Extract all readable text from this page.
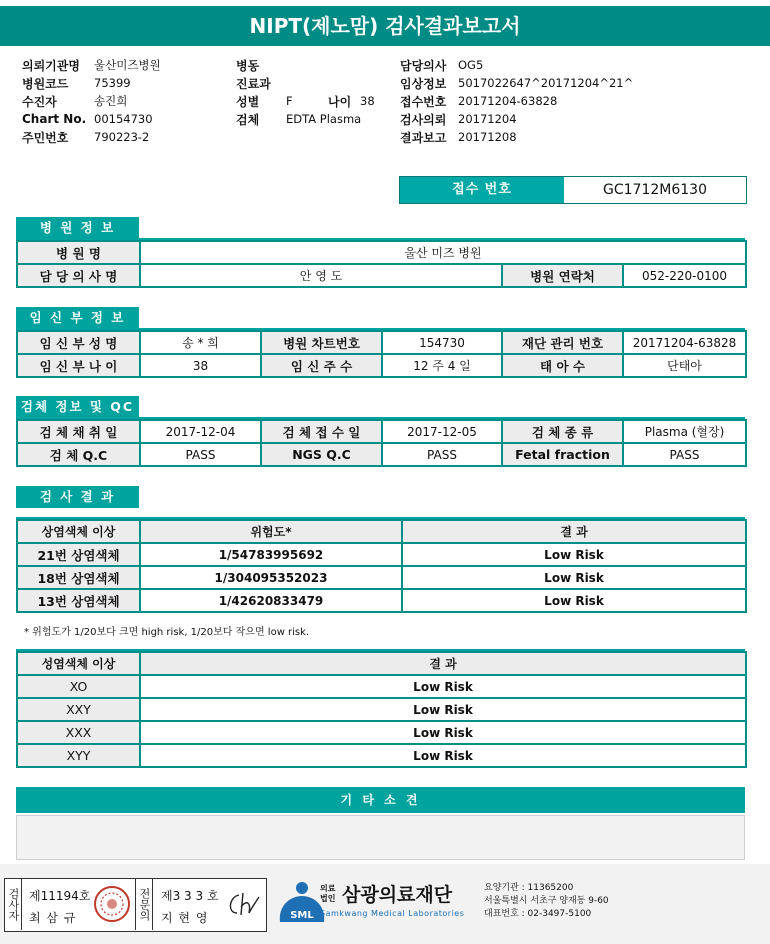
NIPT(제노맘) 검사결과보고서
의뢰기관명	울산미즈병원
병원코드	75399
수진자	송진희
Chart No. 00154730
주민번호	790223-2
병동
진료과
성별	F	나이 38
검체	EDTA Plasma
담당의사	OG5
임상정보	5017022647^20171204^21^
접수번호	20171204-63828
검사의뢰	20171204
결과보고	20171208
접수 번호	GC1712M6130
병 원 정 보
병 원 명	울산 미즈 병원		
담 당 의 사 명	안 영 도	병원 연락처	052-220-0100
임 신 부 정 보
임 신 부 성 명	송 * 희	병원 차트번호	154730	재단 관리 번호	20171204-63828
임 신 부 나 이	38	임 신 주 수	12 주 4 일	태 아 수	단태아
검체 정보 및 QC
검 체 채 취 일	2017-12-04	검 체 접 수 일	2017-12-05	검 체 종 류	Plasma (혈장)
검 체 Q.C	PASS	NGS Q.C	PASS	Fetal fraction	PASS
검 사 결 과
상염색체 이상	위험도*	결 과
21번 상염색체	1/54783995692	Low Risk
18번 상염색체	1/304095352023	Low Risk
13번 상염색체	1/42620833479	Low Risk
* 위험도가 1/20보다 크면 high risk, 1/20보다 작으면 low risk.
성염색체 이상	결 과
XO	Low Risk
XXY	Low Risk
XXX	Low Risk
XYY	Low Risk
기 타 소 견
검사자 제11194호
최 삼 규	전문의 제3 3 3 호
지 현 영	SML
의료
법인 삼광의료재단
Samkwang Medical Laboratories
요양기관 : 11365200
서울특별시 서초구 양재동 9-60
대표번호 : 02-3497-5100
